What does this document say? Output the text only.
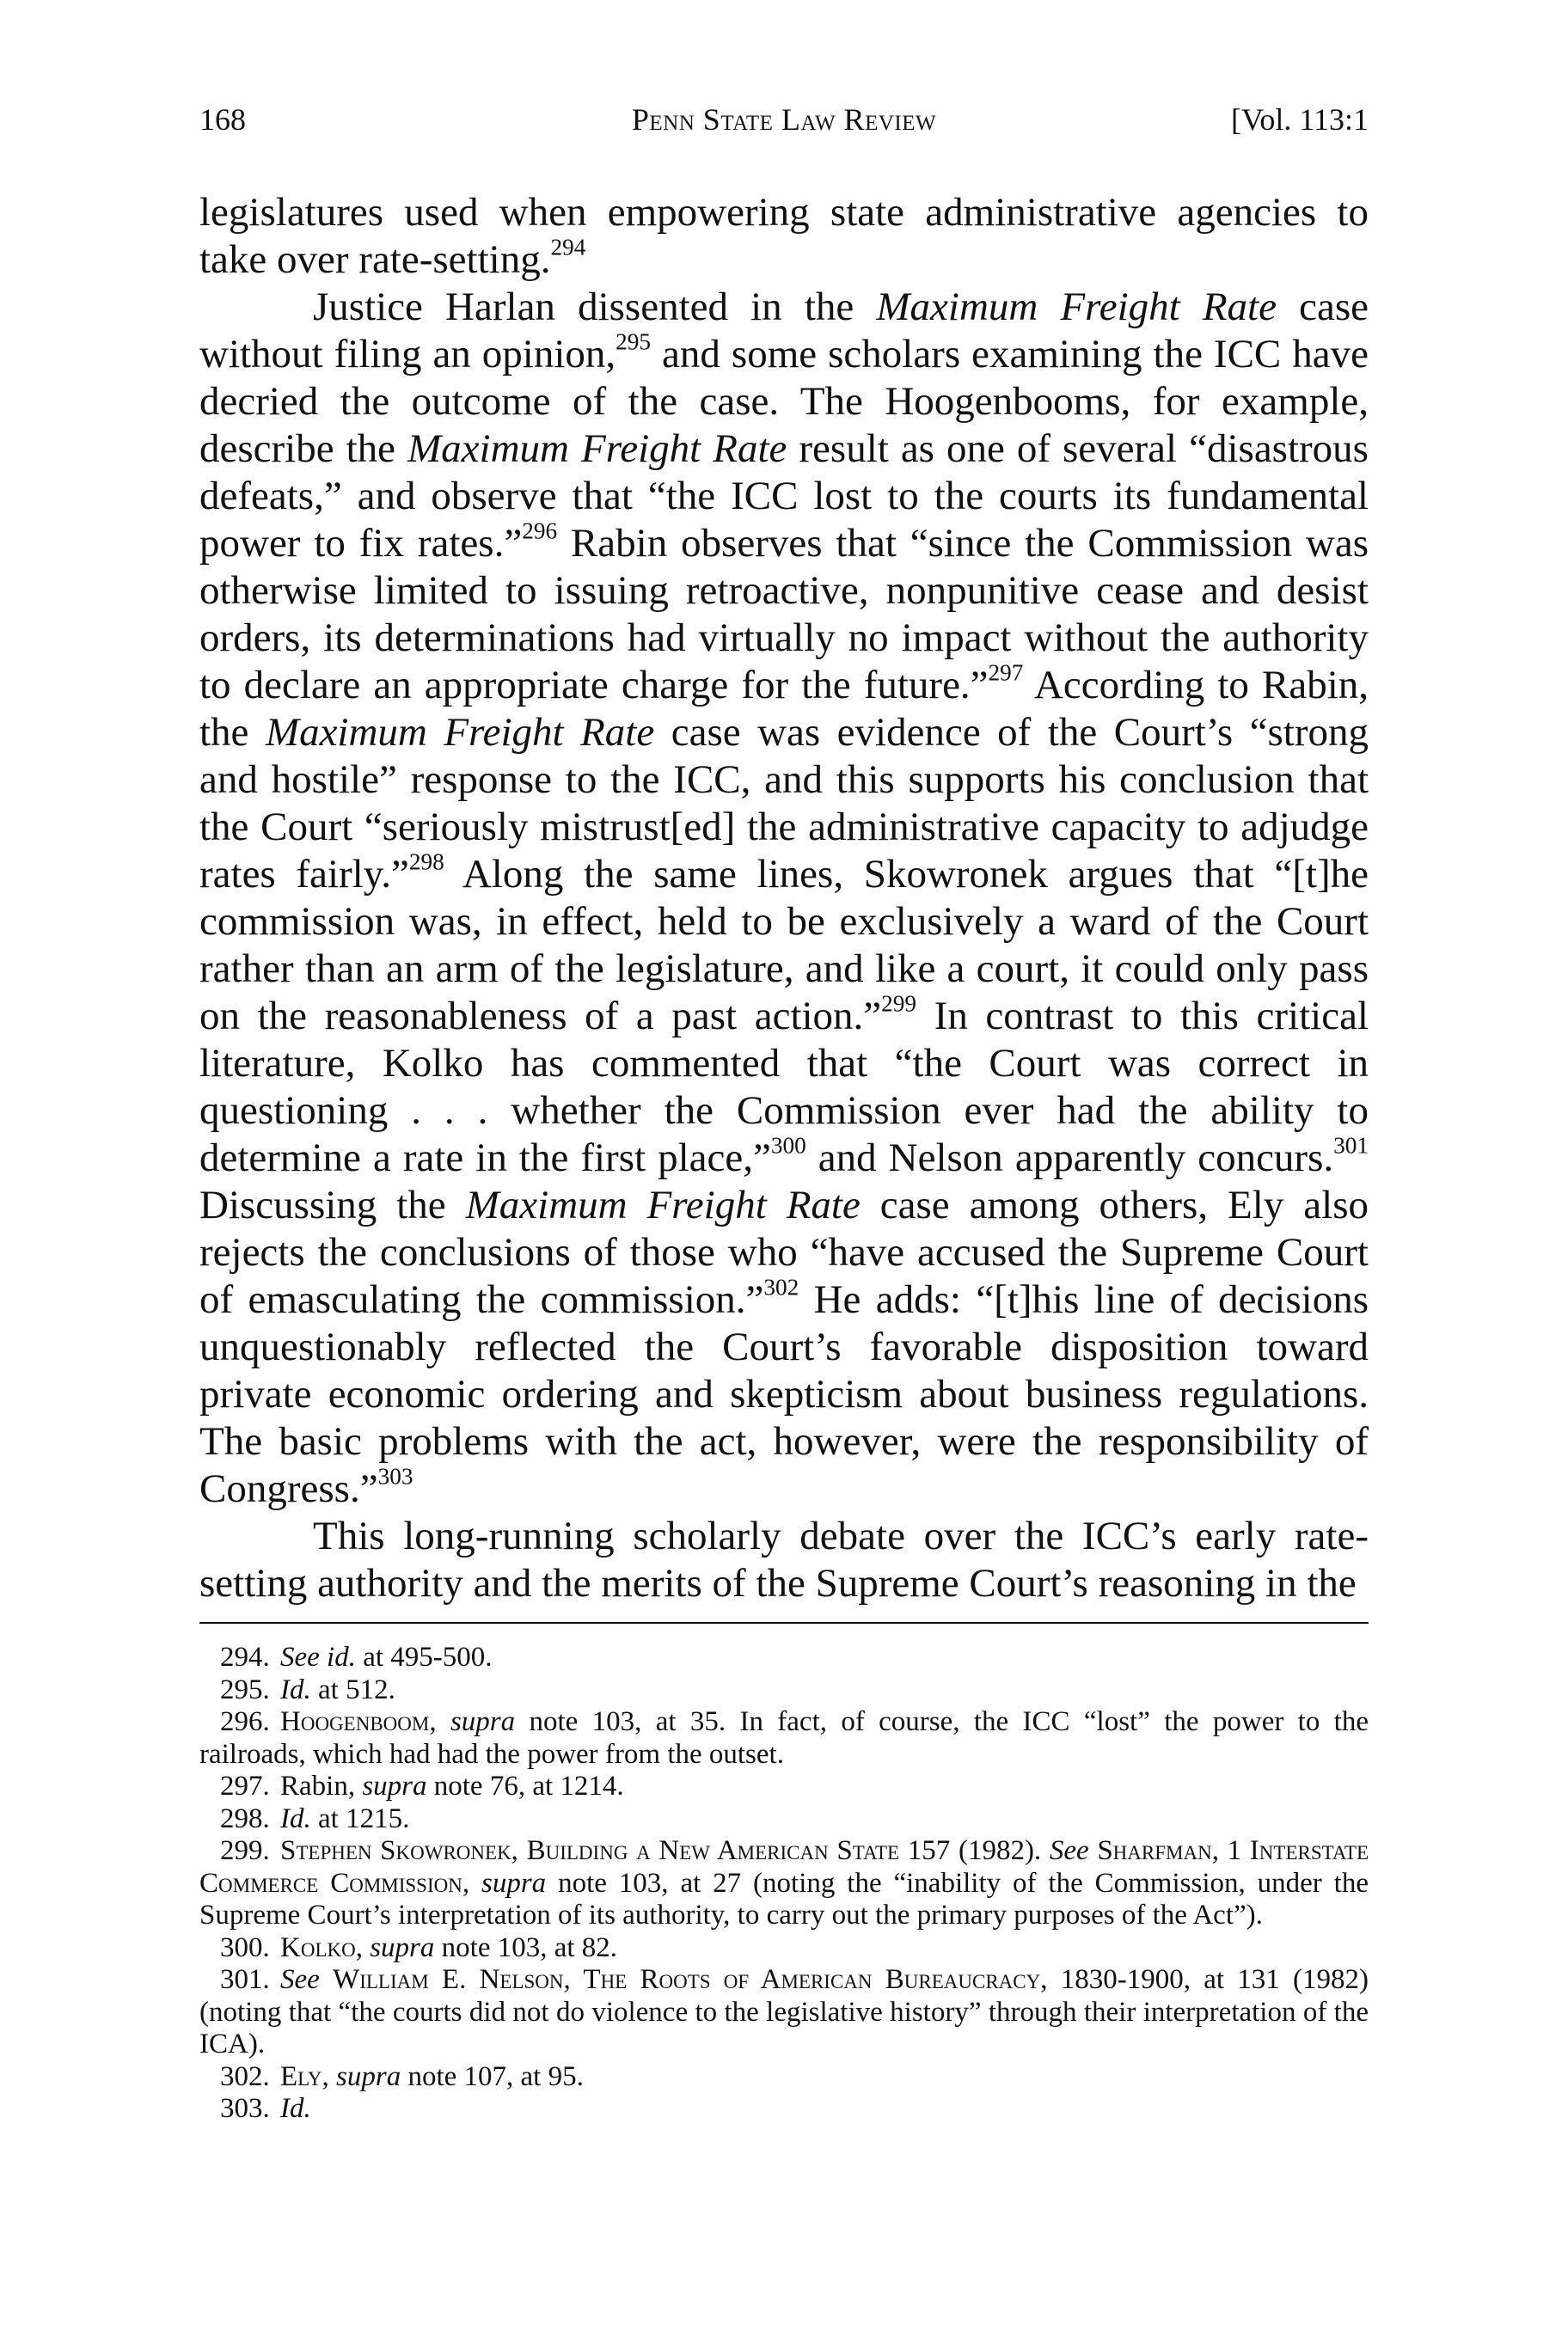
168	Penn State Law Review	[Vol. 113:1

legislatures used when empowering state administrative agencies to take over rate-setting.$^{294}$

Justice Harlan dissented in the Maximum Freight Rate case without filing an opinion,$^{295}$ and some scholars examining the ICC have decried the outcome of the case. The Hoogenbooms, for example, describe the Maximum Freight Rate result as one of several “disastrous defeats,” and observe that “the ICC lost to the courts its fundamental power to fix rates.”$^{296}$ Rabin observes that “since the Commission was otherwise limited to issuing retroactive, nonpunitive cease and desist orders, its determinations had virtually no impact without the authority to declare an appropriate charge for the future.”$^{297}$ According to Rabin, the Maximum Freight Rate case was evidence of the Court’s “strong and hostile” response to the ICC, and this supports his conclusion that the Court “seriously mistrust[ed] the administrative capacity to adjudge rates fairly.”$^{298}$ Along the same lines, Skowronek argues that “[t]he commission was, in effect, held to be exclusively a ward of the Court rather than an arm of the legislature, and like a court, it could only pass on the reasonableness of a past action.”$^{299}$ In contrast to this critical literature, Kolko has commented that “the Court was correct in questioning . . . whether the Commission ever had the ability to determine a rate in the first place,”$^{300}$ and Nelson apparently concurs.$^{301}$ Discussing the Maximum Freight Rate case among others, Ely also rejects the conclusions of those who “have accused the Supreme Court of emasculating the commission.”$^{302}$ He adds: “[t]his line of decisions unquestionably reflected the Court’s favorable disposition toward private economic ordering and skepticism about business regulations. The basic problems with the act, however, were the responsibility of Congress.”$^{303}$

This long-running scholarly debate over the ICC’s early rate-setting authority and the merits of the Supreme Court’s reasoning in the

294. See id. at 495-500.

295. Id. at 512.

296. Hoogenboom, supra note 103, at 35. In fact, of course, the ICC “lost” the power to the railroads, which had had the power from the outset.

297. Rabin, supra note 76, at 1214.

298. Id. at 1215.

299. Stephen Skowronek, Building a New American State 157 (1982). See Sharfman, 1 Interstate Commerce Commission, supra note 103, at 27 (noting the “inability of the Commission, under the Supreme Court’s interpretation of its authority, to carry out the primary purposes of the Act”).

300. Kolko, supra note 103, at 82.

301. See William E. Nelson, The Roots of American Bureaucracy, 1830-1900, at 131 (1982) (noting that “the courts did not do violence to the legislative history” through their interpretation of the ICA).

302. Ely, supra note 107, at 95.

303. Id.
